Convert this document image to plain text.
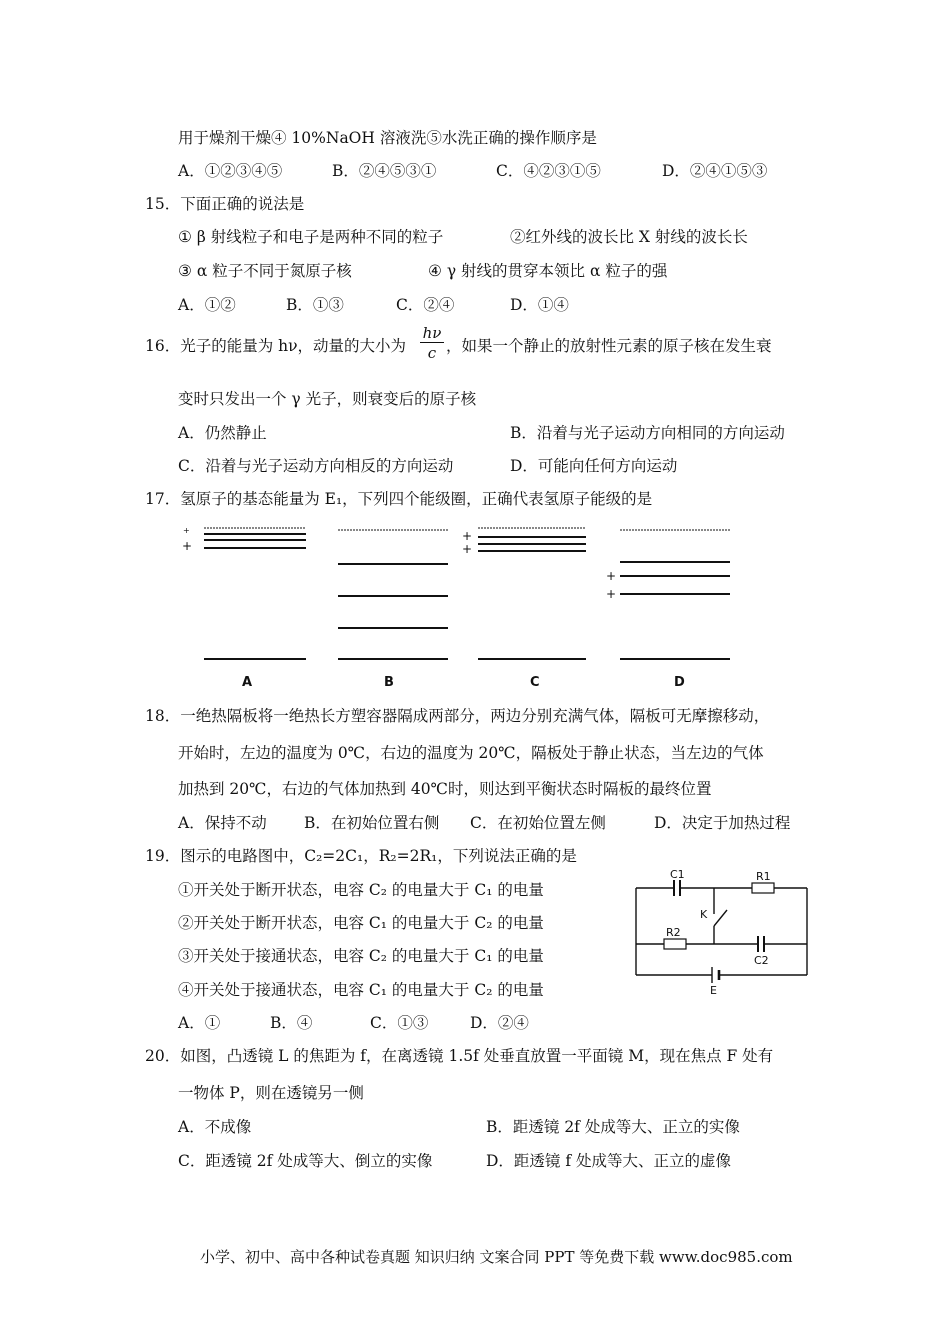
用于燥剂干燥④ 10%NaOH 溶液洗⑤水洗正确的操作顺序是
A．①②③④⑤	B．②④⑤③①	C．④②③①⑤	D．②④①⑤③
15．下面正确的说法是
① β 射线粒子和电子是两种不同的粒子	②红外线的波长比 X 射线的波长长
③ α 粒子不同于氮原子核	④ γ 射线的贯穿本领比 α 粒子的强
A．①②	B．①③	C．②④	D．①④
16．光子的能量为 hν，动量的大小为 $\frac{h\nu}{c}$ ，如果一个静止的放射性元素的原子核在发生衰
变时只发出一个 γ 光子，则衰变后的原子核
A．仍然静止	B．沿着与光子运动方向相同的方向运动
C．沿着与光子运动方向相反的方向运动	D．可能向任何方向运动
17．氢原子的基态能量为 E₁，下列四个能级圈，正确代表氢原子能级的是
+
+
+
+
+
+
A	B	C	D
18．一绝热隔板将一绝热长方塑容器隔成两部分，两边分别充满气体，隔板可无摩擦移动，
开始时，左边的温度为 0℃，右边的温度为 20℃，隔板处于静止状态，当左边的气体
加热到 20℃，右边的气体加热到 40℃时，则达到平衡状态时隔板的最终位置
A．保持不动 B．在初始位置右侧 C．在初始位置左侧	D．决定于加热过程
19．图示的电路图中，C₂=2C₁，R₂=2R₁，下列说法正确的是
①开关处于断开状态，电容 C₂ 的电量大于 C₁ 的电量
②开关处于断开状态，电容 C₁ 的电量大于 C₂ 的电量
③开关处于接通状态，电容 C₂ 的电量大于 C₁ 的电量
④开关处于接通状态，电容 C₁ 的电量大于 C₂ 的电量
A．①	B．④	C．①③	D．②④
C1	R1
K
R2
C2
E
20．如图，凸透镜 L 的焦距为 f，在离透镜 1.5f 处垂直放置一平面镜 M，现在焦点 F 处有
一物体 P，则在透镜另一侧
A．不成像	B．距透镜 2f 处成等大、正立的实像
C．距透镜 2f 处成等大、倒立的实像	D．距透镜 f 处成等大、正立的虚像
小学、初中、高中各种试卷真题 知识归纳 文案合同 PPT 等免费下载 www.doc985.com
